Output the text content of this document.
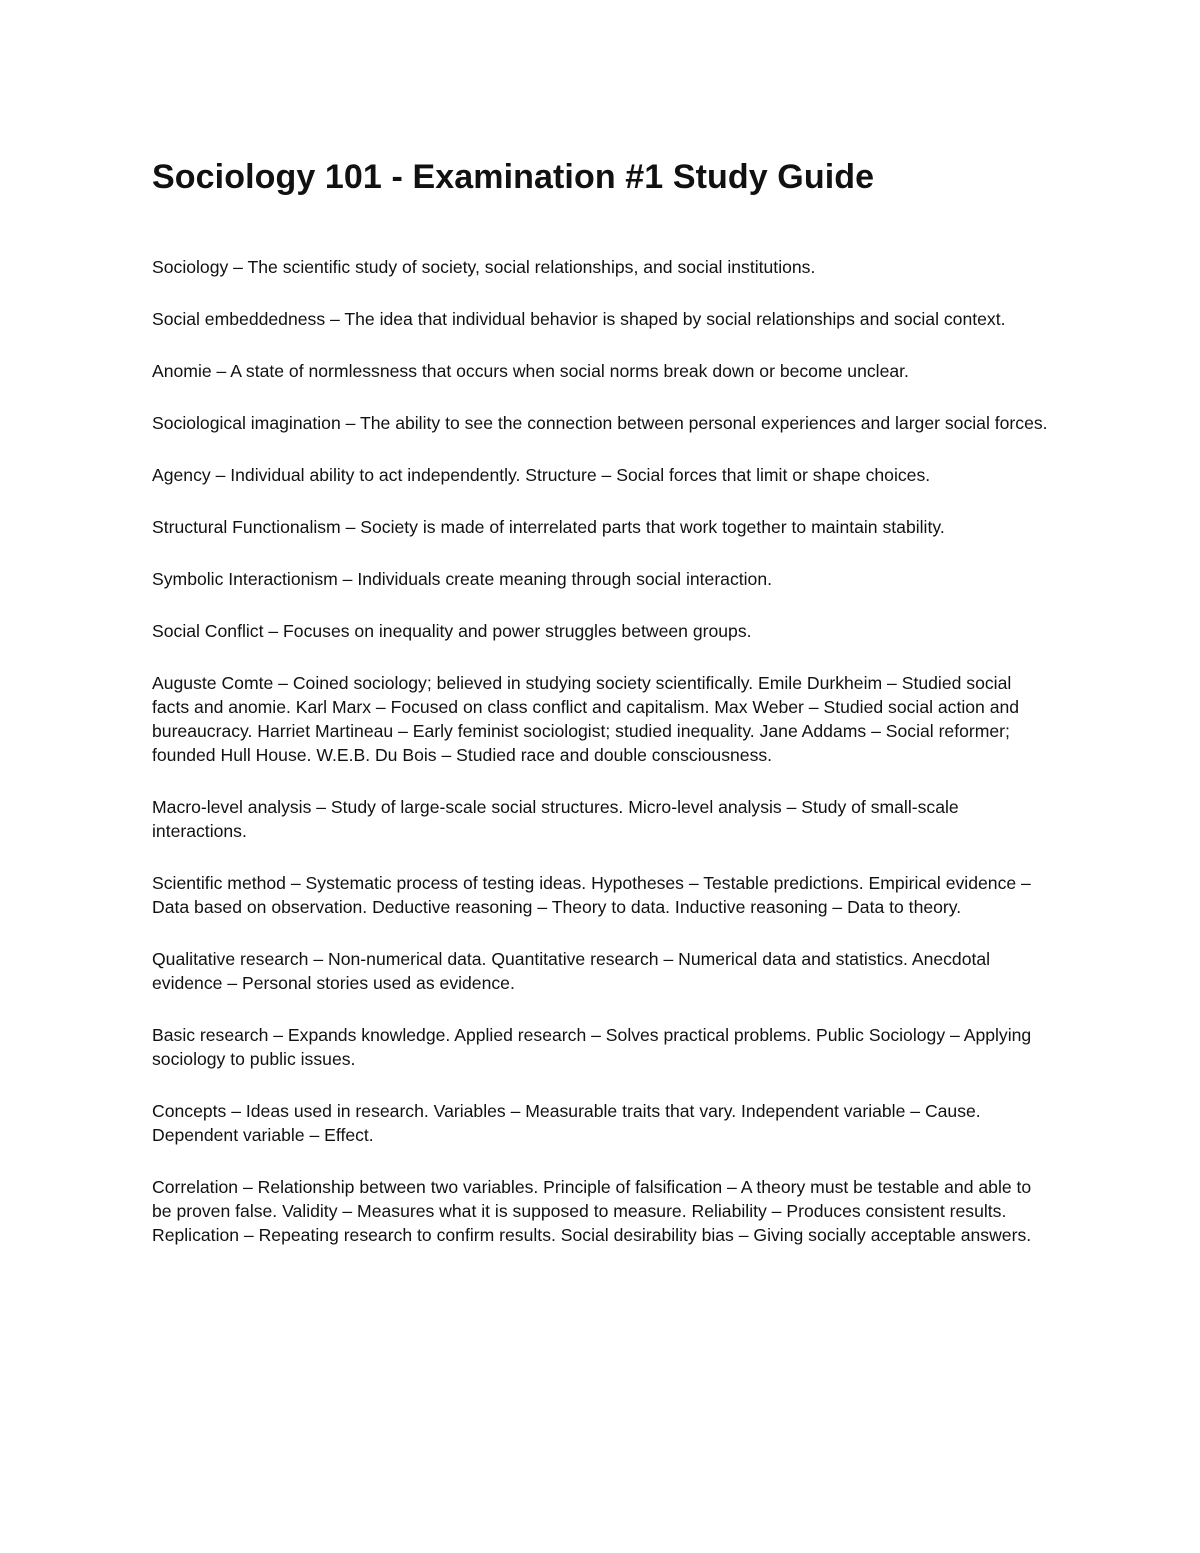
Sociology 101 - Examination #1 Study Guide

Sociology – The scientific study of society, social relationships, and social institutions.

Social embeddedness – The idea that individual behavior is shaped by social relationships and social context.

Anomie – A state of normlessness that occurs when social norms break down or become unclear.

Sociological imagination – The ability to see the connection between personal experiences and larger social forces.

Agency – Individual ability to act independently. Structure – Social forces that limit or shape choices.

Structural Functionalism – Society is made of interrelated parts that work together to maintain stability.

Symbolic Interactionism – Individuals create meaning through social interaction.

Social Conflict – Focuses on inequality and power struggles between groups.

Auguste Comte – Coined sociology; believed in studying society scientifically. Emile Durkheim – Studied social facts and anomie. Karl Marx – Focused on class conflict and capitalism. Max Weber – Studied social action and bureaucracy. Harriet Martineau – Early feminist sociologist; studied inequality. Jane Addams – Social reformer; founded Hull House. W.E.B. Du Bois – Studied race and double consciousness.

Macro-level analysis – Study of large-scale social structures. Micro-level analysis – Study of small-scale interactions.

Scientific method – Systematic process of testing ideas. Hypotheses – Testable predictions. Empirical evidence – Data based on observation. Deductive reasoning – Theory to data. Inductive reasoning – Data to theory.

Qualitative research – Non-numerical data. Quantitative research – Numerical data and statistics. Anecdotal evidence – Personal stories used as evidence.

Basic research – Expands knowledge. Applied research – Solves practical problems. Public Sociology – Applying sociology to public issues.

Concepts – Ideas used in research. Variables – Measurable traits that vary. Independent variable – Cause. Dependent variable – Effect.

Correlation – Relationship between two variables. Principle of falsification – A theory must be testable and able to be proven false. Validity – Measures what it is supposed to measure. Reliability – Produces consistent results. Replication – Repeating research to confirm results. Social desirability bias – Giving socially acceptable answers.
